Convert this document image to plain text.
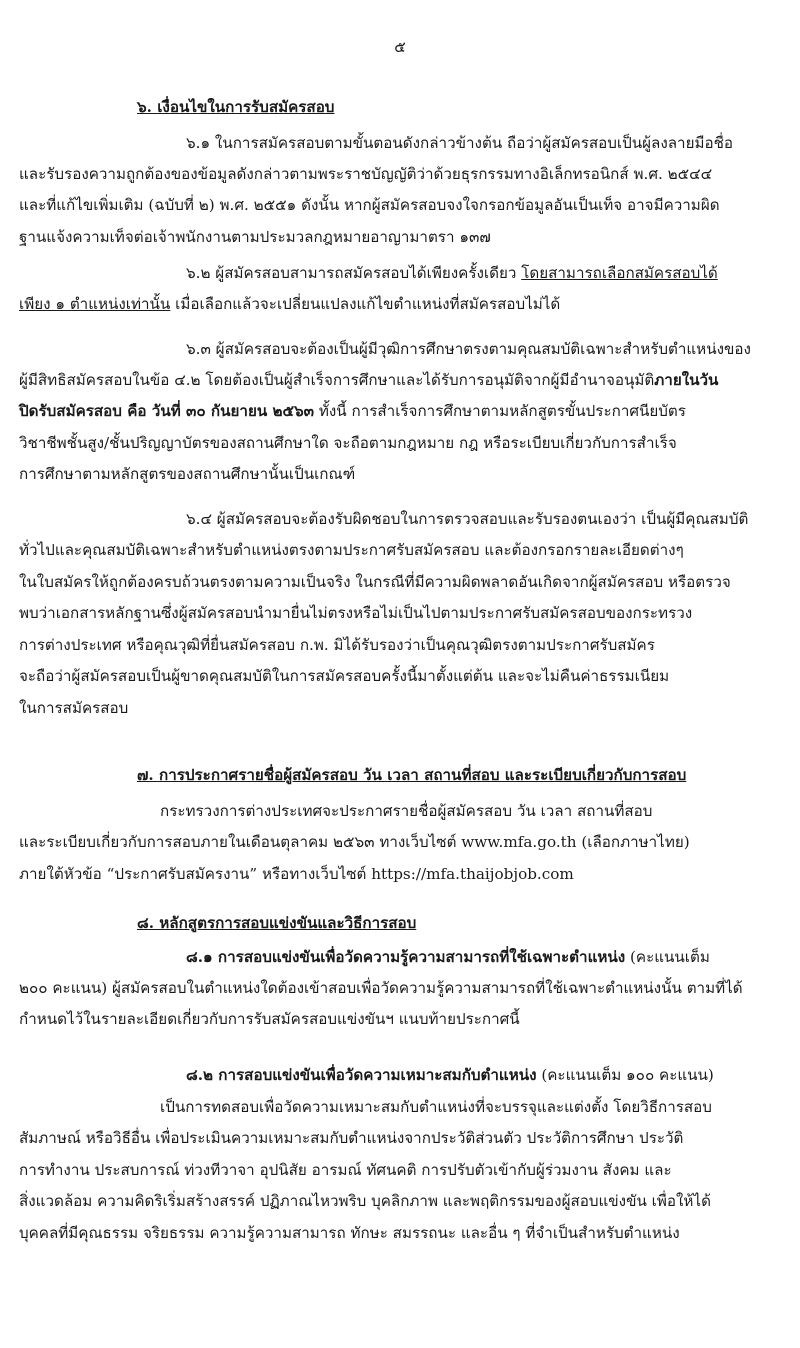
๕
๖. เงื่อนไขในการรับสมัครสอบ
๖.๑ ในการสมัครสอบตามขั้นตอนดังกล่าวข้างต้น ถือว่าผู้สมัครสอบเป็นผู้ลงลายมือชื่อ
และรับรองความถูกต้องของข้อมูลดังกล่าวตามพระราชบัญญัติว่าด้วยธุรกรรมทางอิเล็กทรอนิกส์ พ.ศ. ๒๕๔๔
และที่แก้ไขเพิ่มเติม (ฉบับที่ ๒) พ.ศ. ๒๕๕๑ ดังนั้น หากผู้สมัครสอบจงใจกรอกข้อมูลอันเป็นเท็จ อาจมีความผิด
ฐานแจ้งความเท็จต่อเจ้าพนักงานตามประมวลกฎหมายอาญามาตรา ๑๓๗
๖.๒ ผู้สมัครสอบสามารถสมัครสอบได้เพียงครั้งเดียว โดยสามารถเลือกสมัครสอบได้
เพียง ๑ ตำแหน่งเท่านั้น เมื่อเลือกแล้วจะเปลี่ยนแปลงแก้ไขตำแหน่งที่สมัครสอบไม่ได้
๖.๓ ผู้สมัครสอบจะต้องเป็นผู้มีวุฒิการศึกษาตรงตามคุณสมบัติเฉพาะสำหรับตำแหน่งของ
ผู้มีสิทธิสมัครสอบในข้อ ๔.๒ โดยต้องเป็นผู้สำเร็จการศึกษาและได้รับการอนุมัติจากผู้มีอำนาจอนุมัติภายในวัน
ปิดรับสมัครสอบ คือ วันที่ ๓๐ กันยายน ๒๕๖๓ ทั้งนี้ การสำเร็จการศึกษาตามหลักสูตรขั้นประกาศนียบัตร
วิชาชีพชั้นสูง/ชั้นปริญญาบัตรของสถานศึกษาใด จะถือตามกฎหมาย กฎ หรือระเบียบเกี่ยวกับการสำเร็จ
การศึกษาตามหลักสูตรของสถานศึกษานั้นเป็นเกณฑ์
๖.๔ ผู้สมัครสอบจะต้องรับผิดชอบในการตรวจสอบและรับรองตนเองว่า เป็นผู้มีคุณสมบัติ
ทั่วไปและคุณสมบัติเฉพาะสำหรับตำแหน่งตรงตามประกาศรับสมัครสอบ และต้องกรอกรายละเอียดต่างๆ
ในใบสมัครให้ถูกต้องครบถ้วนตรงตามความเป็นจริง ในกรณีที่มีความผิดพลาดอันเกิดจากผู้สมัครสอบ หรือตรวจ
พบว่าเอกสารหลักฐานซึ่งผู้สมัครสอบนำมายื่นไม่ตรงหรือไม่เป็นไปตามประกาศรับสมัครสอบของกระทรวง
การต่างประเทศ หรือคุณวุฒิที่ยื่นสมัครสอบ ก.พ. มิได้รับรองว่าเป็นคุณวุฒิตรงตามประกาศรับสมัคร
จะถือว่าผู้สมัครสอบเป็นผู้ขาดคุณสมบัติในการสมัครสอบครั้งนี้มาตั้งแต่ต้น และจะไม่คืนค่าธรรมเนียม
ในการสมัครสอบ
๗. การประกาศรายชื่อผู้สมัครสอบ วัน เวลา สถานที่สอบ และระเบียบเกี่ยวกับการสอบ
กระทรวงการต่างประเทศจะประกาศรายชื่อผู้สมัครสอบ วัน เวลา สถานที่สอบ
และระเบียบเกี่ยวกับการสอบภายในเดือนตุลาคม ๒๕๖๓ ทางเว็บไซต์ www.mfa.go.th (เลือกภาษาไทย)
ภายใต้หัวข้อ “ประกาศรับสมัครงาน” หรือทางเว็บไซต์ https://mfa.thaijobjob.com
๘. หลักสูตรการสอบแข่งขันและวิธีการสอบ
๘.๑ การสอบแข่งขันเพื่อวัดความรู้ความสามารถที่ใช้เฉพาะตำแหน่ง (คะแนนเต็ม
๒๐๐ คะแนน) ผู้สมัครสอบในตำแหน่งใดต้องเข้าสอบเพื่อวัดความรู้ความสามารถที่ใช้เฉพาะตำแหน่งนั้น ตามที่ได้
กำหนดไว้ในรายละเอียดเกี่ยวกับการรับสมัครสอบแข่งขันฯ แนบท้ายประกาศนี้
๘.๒ การสอบแข่งขันเพื่อวัดความเหมาะสมกับตำแหน่ง (คะแนนเต็ม ๑๐๐ คะแนน)
เป็นการทดสอบเพื่อวัดความเหมาะสมกับตำแหน่งที่จะบรรจุและแต่งตั้ง โดยวิธีการสอบ
สัมภาษณ์ หรือวิธีอื่น เพื่อประเมินความเหมาะสมกับตำแหน่งจากประวัติส่วนตัว ประวัติการศึกษา ประวัติ
การทำงาน ประสบการณ์ ท่วงทีวาจา อุปนิสัย อารมณ์ ทัศนคติ การปรับตัวเข้ากับผู้ร่วมงาน สังคม และ
สิ่งแวดล้อม ความคิดริเริ่มสร้างสรรค์ ปฏิภาณไหวพริบ บุคลิกภาพ และพฤติกรรมของผู้สอบแข่งขัน เพื่อให้ได้
บุคคลที่มีคุณธรรม จริยธรรม ความรู้ความสามารถ ทักษะ สมรรถนะ และอื่น ๆ ที่จำเป็นสำหรับตำแหน่ง
